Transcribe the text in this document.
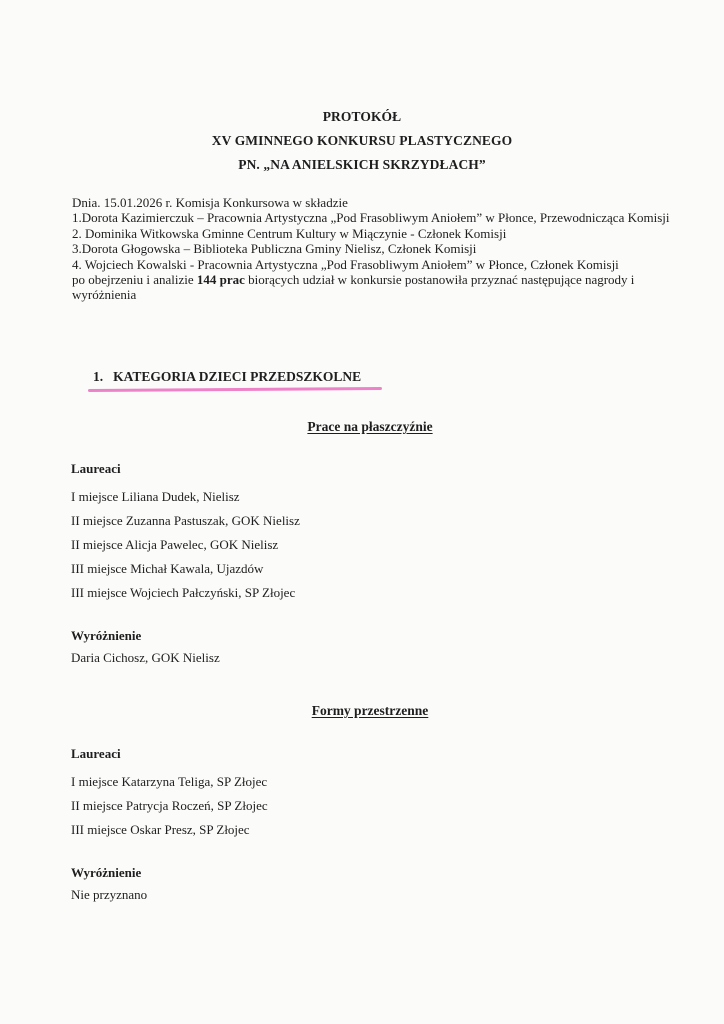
PROTOKÓŁ
XV GMINNEGO KONKURSU PLASTYCZNEGO
PN. „NA ANIELSKICH SKRZYDŁACH”

Dnia. 15.01.2026 r. Komisja Konkursowa w składzie

1.Dorota Kazimierczuk – Pracownia Artystyczna „Pod Frasobliwym Aniołem” w Płonce, Przewodnicząca Komisji

2. Dominika Witkowska Gminne Centrum Kultury w Miączynie - Członek Komisji

3.Dorota Głogowska – Biblioteka Publiczna Gminy Nielisz, Członek Komisji

4. Wojciech Kowalski - Pracownia Artystyczna „Pod Frasobliwym Aniołem” w Płonce, Członek Komisji

po obejrzeniu i analizie 144 prac biorących udział w konkursie postanowiła przyznać następujące nagrody i wyróżnienia

1. KATEGORIA DZIECI PRZEDSZKOLNE
Prace na płaszczyźnie
Laureaci
I miejsce Liliana Dudek, Nielisz
II miejsce Zuzanna Pastuszak, GOK Nielisz
II miejsce Alicja Pawelec, GOK Nielisz
III miejsce Michał Kawala, Ujazdów
III miejsce Wojciech Pałczyński, SP Złojec
Wyróżnienie
Daria Cichosz, GOK Nielisz
Formy przestrzenne
Laureaci
I miejsce Katarzyna Teliga, SP Złojec
II miejsce Patrycja Roczeń, SP Złojec
III miejsce Oskar Presz, SP Złojec
Wyróżnienie
Nie przyznano
